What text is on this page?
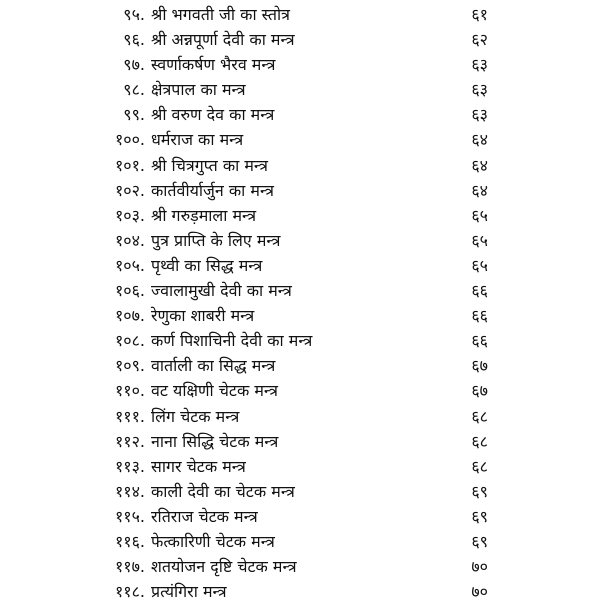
९५. श्री भगवती जी का स्तोत्र	६१
९६. श्री अन्नपूर्णा देवी का मन्त्र	६२
९७. स्वर्णाकर्षण भैरव मन्त्र	६३
९८. क्षेत्रपाल का मन्त्र	६३
९९. श्री वरुण देव का मन्त्र	६३
१००. धर्मराज का मन्त्र	६४
१०१. श्री चित्रगुप्त का मन्त्र	६४
१०२. कार्तवीर्यार्जुन का मन्त्र	६४
१०३. श्री गरुड़माला मन्त्र	६५
१०४. पुत्र प्राप्ति के लिए मन्त्र	६५
१०५. पृथ्वी का सिद्ध मन्त्र	६५
१०६. ज्वालामुखी देवी का मन्त्र	६६
१०७. रेणुका शाबरी मन्त्र	६६
१०८. कर्ण पिशाचिनी देवी का मन्त्र	६६
१०९. वार्ताली का सिद्ध मन्त्र	६७
११०. वट यक्षिणी चेटक मन्त्र	६७
१११. लिंग चेटक मन्त्र	६८
११२. नाना सिद्धि चेटक मन्त्र	६८
११३. सागर चेटक मन्त्र	६८
११४. काली देवी का चेटक मन्त्र	६९
११५. रतिराज चेटक मन्त्र	६९
११६. फेत्कारिणी चेटक मन्त्र	६९
११७. शतयोजन दृष्टि चेटक मन्त्र	७०
११८. प्रत्यंगिरा मन्त्र	७०
